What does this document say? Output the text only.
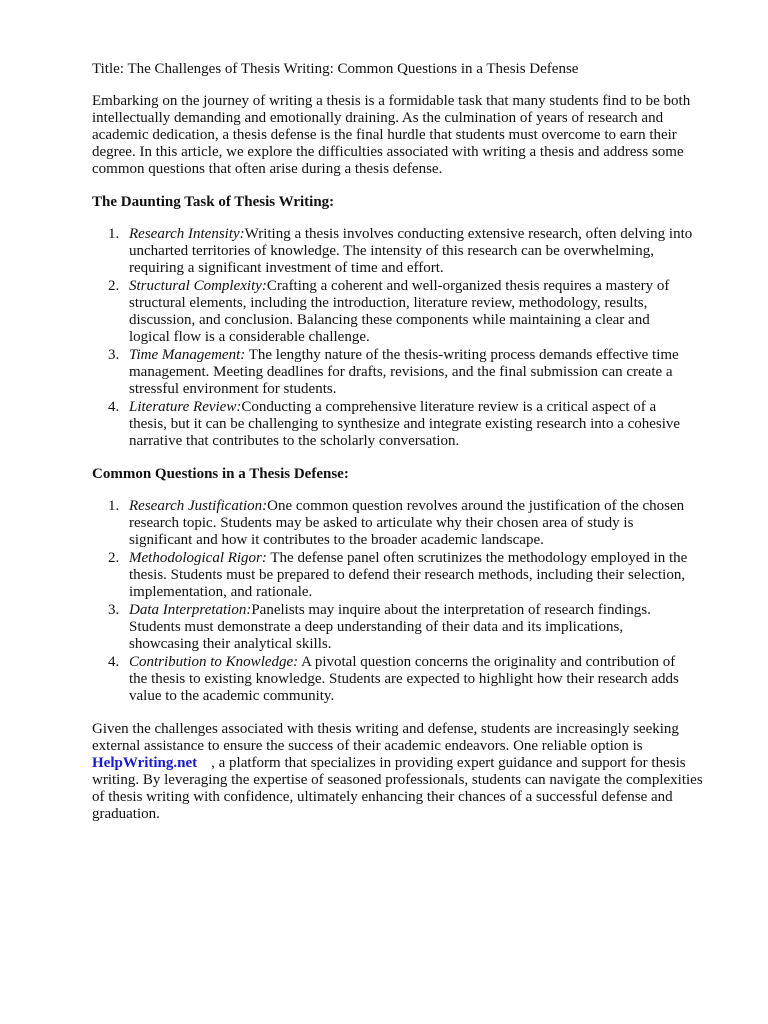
Title: The Challenges of Thesis Writing: Common Questions in a Thesis Defense
Embarking on the journey of writing a thesis is a formidable task that many students find to be both
intellectually demanding and emotionally draining. As the culmination of years of research and
academic dedication, a thesis defense is the final hurdle that students must overcome to earn their
degree. In this article, we explore the difficulties associated with writing a thesis and address some
common questions that often arise during a thesis defense.
The Daunting Task of Thesis Writing:
1. Research Intensity:Writing a thesis involves conducting extensive research, often delving into
uncharted territories of knowledge. The intensity of this research can be overwhelming,
requiring a significant investment of time and effort.
2. Structural Complexity:Crafting a coherent and well-organized thesis requires a mastery of
structural elements, including the introduction, literature review, methodology, results,
discussion, and conclusion. Balancing these components while maintaining a clear and
logical flow is a considerable challenge.
3. Time Management: The lengthy nature of the thesis-writing process demands effective time
management. Meeting deadlines for drafts, revisions, and the final submission can create a
stressful environment for students.
4. Literature Review:Conducting a comprehensive literature review is a critical aspect of a
thesis, but it can be challenging to synthesize and integrate existing research into a cohesive
narrative that contributes to the scholarly conversation.
Common Questions in a Thesis Defense:
1. Research Justification:One common question revolves around the justification of the chosen
research topic. Students may be asked to articulate why their chosen area of study is
significant and how it contributes to the broader academic landscape.
2. Methodological Rigor: The defense panel often scrutinizes the methodology employed in the
thesis. Students must be prepared to defend their research methods, including their selection,
implementation, and rationale.
3. Data Interpretation:Panelists may inquire about the interpretation of research findings.
Students must demonstrate a deep understanding of their data and its implications,
showcasing their analytical skills.
4. Contribution to Knowledge: A pivotal question concerns the originality and contribution of
the thesis to existing knowledge. Students are expected to highlight how their research adds
value to the academic community.
Given the challenges associated with thesis writing and defense, students are increasingly seeking
external assistance to ensure the success of their academic endeavors. One reliable option is
HelpWriting.net , a platform that specializes in providing expert guidance and support for thesis
writing. By leveraging the expertise of seasoned professionals, students can navigate the complexities
of thesis writing with confidence, ultimately enhancing their chances of a successful defense and
graduation.
